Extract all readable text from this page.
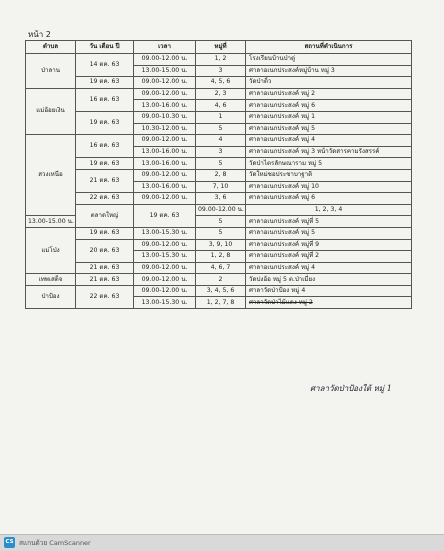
หน้า 2
ตำบล	วัน เดือน ปี	เวลา	หมู่ที่	สถานที่ดำเนินการ	
ป่าลาน	14 ตค. 63	09.00-12.00 น.	1, 2	โรงเรียนบ้านป่าตู่	
		13.00-15.00 น.	3	ศาลาอเนกประสงค์หมู่บ้าน หมู่ 3	
	19 ตค. 63	09.00-12.00 น.	4, 5, 6	วัดป่าติ้ว	
แม่อ้อยเงิน	16 ตค. 63	09.00-12.00 น.	2, 3	ศาลาอเนกประสงค์ หมู่ 2	
		13.00-16.00 น.	4, 6	ศาลาอเนกประสงค์ หมู่ 6	
	19 ตค. 63	09.00-10.30 น.	1	ศาลาอเนกประสงค์ หมู่ 1	
		10.30-12.00 น.	5	ศาลาอเนกประสงค์ หมู่ 5	
สวงเหนือ	16 ตค. 63	09.00-12.00 น.	4	ศาลาอเนกประสงค์ หมู่ 4	
		13.00-16.00 น.	3	ศาลาอเนกประสงค์ หมู่ 3 หน้าวัดสารคามรังสรรค์	
	19 ตค. 63	13.00-16.00 น.	5	วัดป่าไตรลักษณาราม หมู่ 5	
	21 ตค. 63	09.00-12.00 น.	2, 8	วัดใหม่ชอประชาบาฐาติ	
		13.00-16.00 น.	7, 10	ศาลาอเนกประสงค์ หมู่ 10	
	22 ตค. 63	09.00-12.00 น.	3, 6	ศาลาอเนกประสงค์ หมู่ 6	
	ตลาดใหญ่	19 ตค. 63	09.00-12.00 น.	1, 2, 3, 4	
13.00-15.00 น.			5	ศาลาอเนกประสงค์ หมู่ที่ 5	
แม่โป่ง	19 ตค. 63	13.00-15.30 น.	5	ศาลาอเนกประสงค์ หมู่ 5	
	20 ตค. 63	09.00-12.00 น.	3, 9, 10	ศาลาอเนกประสงค์ หมู่ที่ 9	
		13.00-15.30 น.	1, 2, 8	ศาลาอเนกประสงค์ หมู่ที่ 2	
	21 ตค. 63	09.00-12.00 น.	4, 6, 7	ศาลาอเนกประสงค์ หมู่ 4	
เทพเสด็จ	21 ตค. 63	09.00-12.00 น.	2	วัดปงอ้อ หมู่ 5 ต.ป่าเมี่ยง	
ป่าป้อง	22 ตค. 63	09.00-12.00 น.	3, 4, 5, 6	ศาลาวัดป่าป้อง หมู่ 4	
		13.00-15.30 น.	1, 2, 7, 8	ศาลาวัดป่าไม้แดง หมู่ 2	
ศาลาวัดป่าป้องใต้ หมู่ 1
CS สแกนด้วย CamScanner
